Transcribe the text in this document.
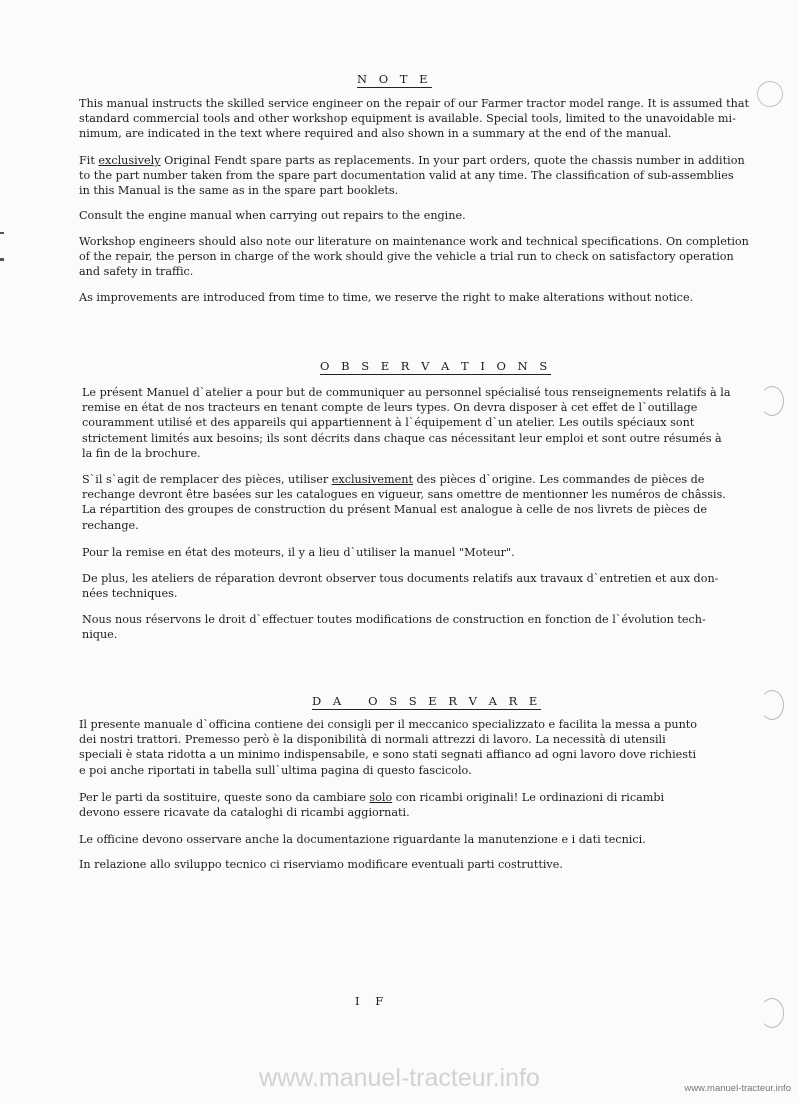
N O T E

This manual instructs the skilled service engineer on the repair of our Farmer tractor model range. It is assumed that
standard commercial tools and other workshop equipment is available. Special tools, limited to the unavoidable mi-
nimum, are indicated in the text where required and also shown in a summary at the end of the manual.

Fit exclusively Original Fendt spare parts as replacements. In your part orders, quote the chassis number in addition
to the part number taken from the spare part documentation valid at any time. The classification of sub-assemblies
in this Manual is the same as in the spare part booklets.

Consult the engine manual when carrying out repairs to the engine.

Workshop engineers should also note our literature on maintenance work and technical specifications. On completion
of the repair, the person in charge of the work should give the vehicle a trial run to check on satisfactory operation
and safety in traffic.

As improvements are introduced from time to time, we reserve the right to make alterations without notice.

O B S E R V A T I O N S

Le présent Manuel d`atelier a pour but de communiquer au personnel spécialisé tous renseignements relatifs à la
remise en état de nos tracteurs en tenant compte de leurs types. On devra disposer à cet effet de l`outillage
couramment utilisé et des appareils qui appartiennent à l`équipement d`un atelier. Les outils spéciaux sont
strictement limités aux besoins; ils sont décrits dans chaque cas nécessitant leur emploi et sont outre résumés à
la fin de la brochure.

S`il s`agit de remplacer des pièces, utiliser exclusivement des pièces d`origine. Les commandes de pièces de
rechange devront être basées sur les catalogues en vigueur, sans omettre de mentionner les numéros de châssis.
La répartition des groupes de construction du présent Manual est analogue à celle de nos livrets de pièces de
rechange.

Pour la remise en état des moteurs, il y a lieu d`utiliser la manuel "Moteur".

De plus, les ateliers de réparation devront observer tous documents relatifs aux travaux d`entretien et aux don-
nées techniques.

Nous nous réservons le droit d`effectuer toutes modifications de construction en fonction de l`évolution tech-
nique.

D A   O S S E R V A R E

Il presente manuale d`officina contiene dei consigli per il meccanico specializzato e facilita la messa a punto
dei nostri trattori. Premesso però è la disponibilità di normali attrezzi di lavoro. La necessità di utensili
speciali è stata ridotta a un minimo indispensabile, e sono stati segnati affianco ad ogni lavoro dove richiesti
e poi anche riportati in tabella sull`ultima pagina di questo fascicolo.

Per le parti da sostituire, queste sono da cambiare solo con ricambi originali! Le ordinazioni di ricambi
devono essere ricavate da cataloghi di ricambi aggiornati.

Le officine devono osservare anche la documentazione riguardante la manutenzione e i dati tecnici.

In relazione allo sviluppo tecnico ci riserviamo modificare eventuali parti costruttive.

I F
www.manuel-tracteur.info	www.manuel-tracteur.info
